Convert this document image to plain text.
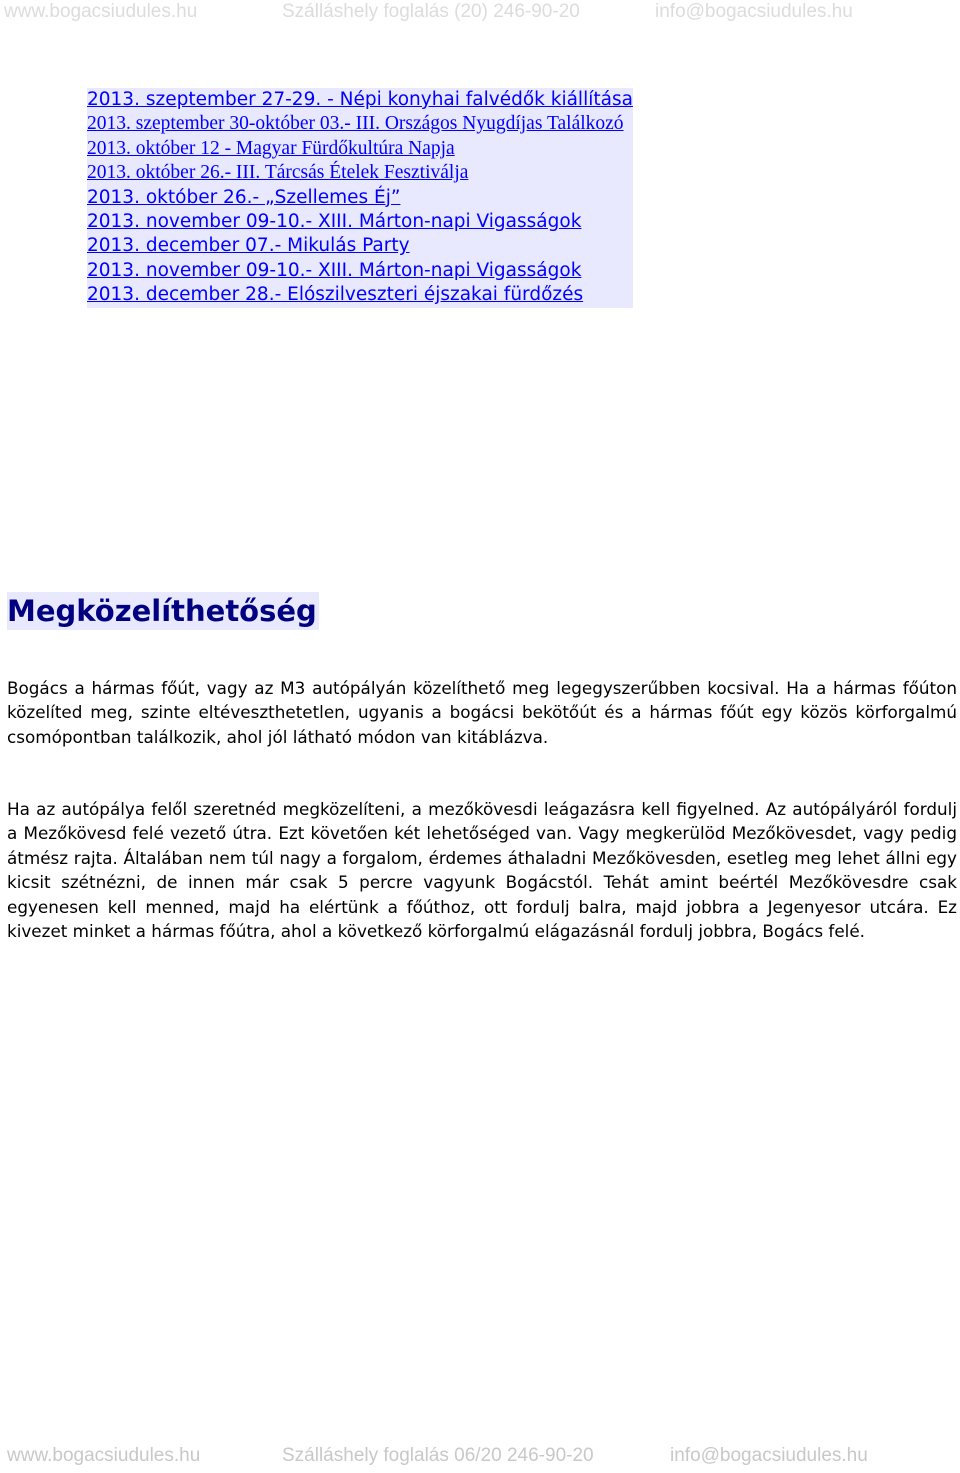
www.bogacsiudules.hu	Szálláshely foglalás (20) 246-90-20	info@bogacsiudules.hu
2013. szeptember 27-29. - Népi konyhai falvédők kiállítása
2013. szeptember 30-október 03.- III. Országos Nyugdíjas Találkozó
2013. október 12 - Magyar Fürdőkultúra Napja
2013. október 26.- III. Tárcsás Ételek Fesztiválja
2013. október 26.- „Szellemes Éj”
2013. november 09-10.- XIII. Márton-napi Vigasságok
2013. december 07.- Mikulás Party
2013. november 09-10.- XIII. Márton-napi Vigasságok
2013. december 28.- Elószilveszteri éjszakai fürdőzés
Megközelíthetőség

Bogács a hármas főút, vagy az M3 autópályán közelíthető meg legegyszerűbben kocsival. Ha a hármas főúton közelíted meg, szinte eltéveszthetetlen, ugyanis a bogácsi bekötőút és a hármas főút egy közös körforgalmú csomópontban találkozik, ahol jól látható módon van kitáblázva.

Ha az autópálya felől szeretnéd megközelíteni, a mezőkövesdi leágazásra kell figyelned. Az autópályáról fordulj a Mezőkövesd felé vezető útra. Ezt követően két lehetőséged van. Vagy megkerülöd Mezőkövesdet, vagy pedig átmész rajta. Általában nem túl nagy a forgalom, érdemes áthaladni Mezőkövesden, esetleg meg lehet állni egy kicsit szétnézni, de innen már csak 5 percre vagyunk Bogácstól. Tehát amint beértél Mezőkövesdre csak egyenesen kell menned, majd ha elértünk a főúthoz, ott fordulj balra, majd jobbra a Jegenyesor utcára. Ez kivezet minket a hármas főútra, ahol a következő körforgalmú elágazásnál fordulj jobbra, Bogács felé.

www.bogacsiudules.hu	Szálláshely foglalás 06/20 246-90-20	info@bogacsiudules.hu
